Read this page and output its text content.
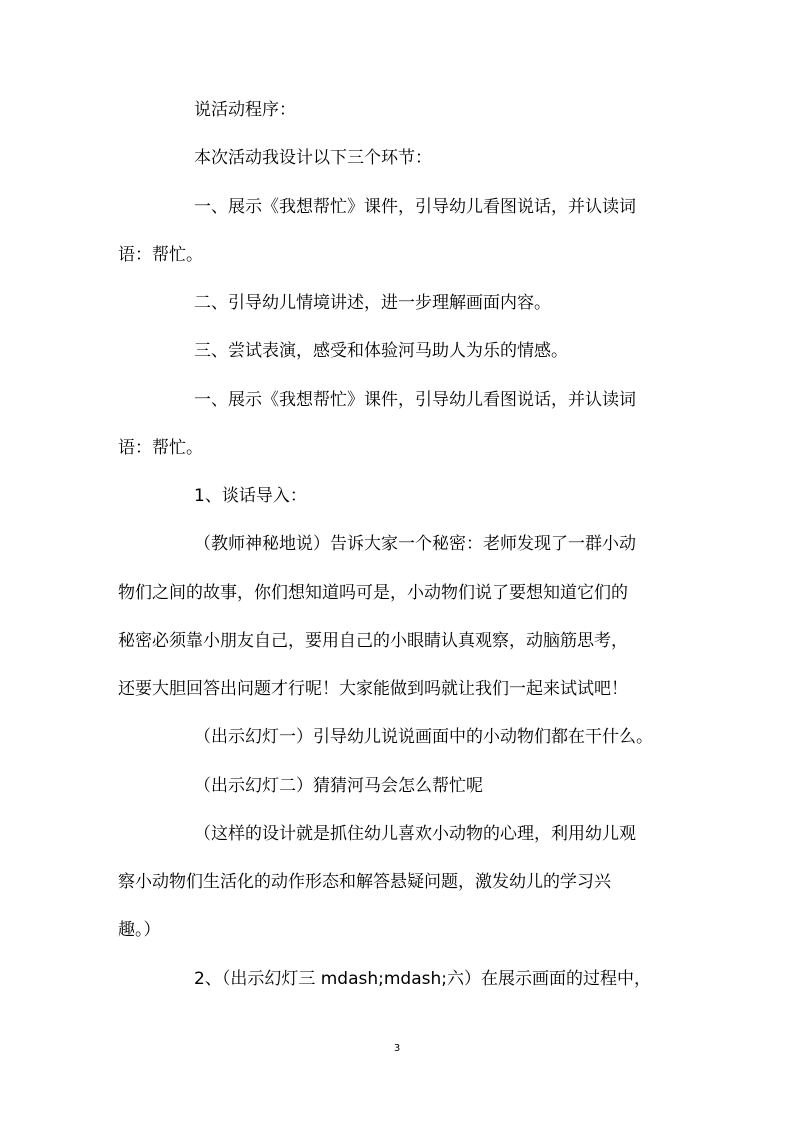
说活动程序：
本次活动我设计以下三个环节：
一、展示《我想帮忙》课件，引导幼儿看图说话，并认读词
语：帮忙。
二、引导幼儿情境讲述，进一步理解画面内容。
三、尝试表演，感受和体验河马助人为乐的情感。
一、展示《我想帮忙》课件，引导幼儿看图说话，并认读词
语：帮忙。
1、谈话导入：
（教师神秘地说）告诉大家一个秘密：老师发现了一群小动
物们之间的故事，你们想知道吗可是，小动物们说了要想知道它们的
秘密必须靠小朋友自己，要用自己的小眼睛认真观察，动脑筋思考，
还要大胆回答出问题才行呢！大家能做到吗就让我们一起来试试吧！
（出示幻灯一）引导幼儿说说画面中的小动物们都在干什么。
（出示幻灯二）猜猜河马会怎么帮忙呢
（这样的设计就是抓住幼儿喜欢小动物的心理，利用幼儿观
察小动物们生活化的动作形态和解答悬疑问题，激发幼儿的学习兴
趣。）
2、（出示幻灯三 mdash;mdash;六）在展示画面的过程中，
3
